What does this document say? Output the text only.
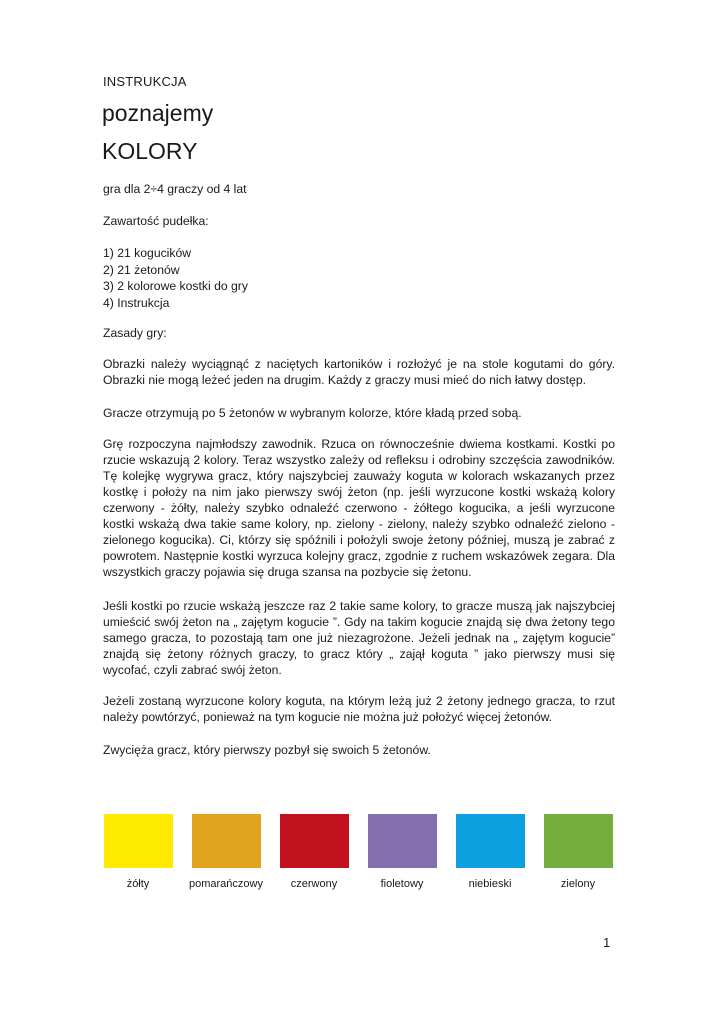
INSTRUKCJA
poznajemy
KOLORY

gra dla 2÷4 graczy od 4 lat

Zawartość pudełka:

1) 21 kogucików
2) 21 żetonów
3) 2 kolorowe kostki do gry
4) Instrukcja

Zasady gry:

Obrazki należy wyciągnąć z naciętych kartoników i rozłożyć je na stole kogutami do góry. Obrazki nie mogą leżeć jeden na drugim. Każdy z graczy musi mieć do nich łatwy dostęp.

Gracze otrzymują po 5 żetonów w wybranym kolorze, które kładą przed sobą.

Grę rozpoczyna najmłodszy zawodnik. Rzuca on równocześnie dwiema kostkami. Kostki po rzucie wskazują 2 kolory. Teraz wszystko zależy od refleksu i odrobiny szczęścia zawodników. Tę kolejkę wygrywa gracz, który najszybciej zauważy koguta w kolorach wskazanych przez kostkę i położy na nim jako pierwszy swój żeton (np. jeśli wyrzucone kostki wskażą kolory czerwony - żółty, należy szybko odnaleźć czerwono - żółtego kogucika, a jeśli wyrzucone kostki wskażą dwa takie same kolory, np. zielony - zielony, należy szybko odnaleźć zielono - zielonego kogucika). Ci, którzy się spóźnili i położyli swoje żetony później, muszą je zabrać z powrotem. Następnie kostki wyrzuca kolejny gracz, zgodnie z ruchem wskazówek zegara. Dla wszystkich graczy pojawia się druga szansa na pozbycie się żetonu.

Jeśli kostki po rzucie wskażą jeszcze raz 2 takie same kolory, to gracze muszą jak najszybciej umieścić swój żeton na „ zajętym kogucie ”. Gdy na takim kogucie znajdą się dwa żetony tego samego gracza, to pozostają tam one już niezagrożone. Jeżeli jednak na „ zajętym kogucie” znajdą się żetony różnych graczy, to gracz który „ zajął koguta ” jako pierwszy musi się wycofać, czyli zabrać swój żeton.

Jeżeli zostaną wyrzucone kolory koguta, na którym leżą już 2 żetony jednego gracza, to rzut należy powtórzyć, ponieważ na tym kogucie nie można już położyć więcej żetonów.

Zwycięża gracz, który pierwszy pozbył się swoich 5 żetonów.

żółty	pomarańczowy	czerwony	fioletowy	niebieski	zielony
1
